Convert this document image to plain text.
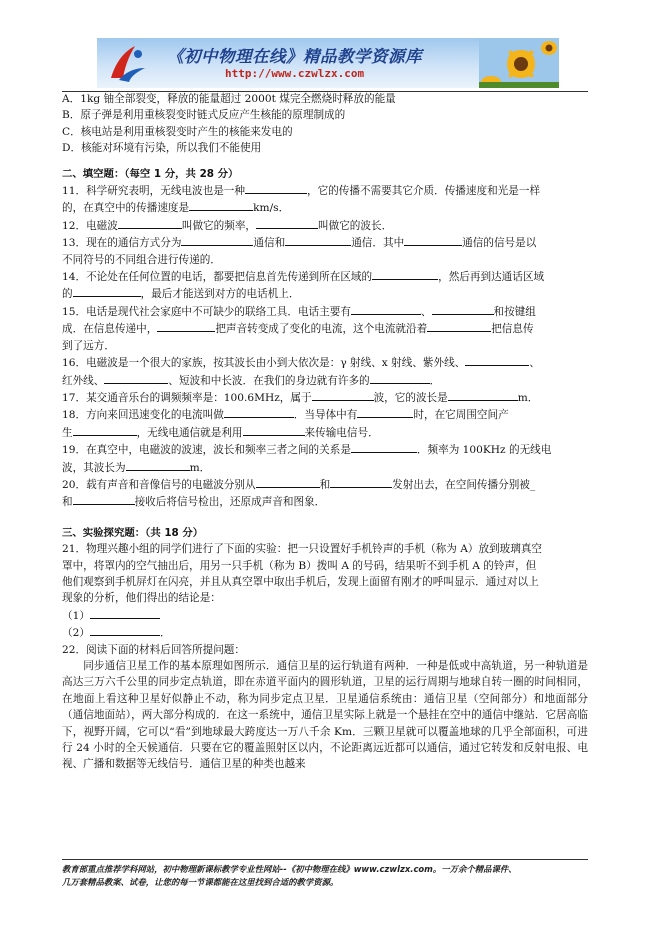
《初中物理在线》精品教学资源库
http://www.czwlzx.com

A．1kg 铀全部裂变，释放的能量超过 2000t 煤完全燃烧时释放的能量

B．原子弹是利用重核裂变时链式反应产生核能的原理制成的

C．核电站是利用重核裂变时产生的核能来发电的

D．核能对环境有污染，所以我们不能使用

二、填空题：（每空 1 分，共 28 分）

11．科学研究表明，无线电波也是一种	，它的传播不需要其它介质．传播速度和光是一样

的，在真空中的传播速度是	km/s．

12．电磁波	叫做它的频率，	叫做它的波长．

13．现在的通信方式分为	通信和	通信．其中	通信的信号是以

不同符号的不同组合进行传递的．

14．不论处在任何位置的电话，都要把信息首先传递到所在区域的	，然后再到达通话区域

的	，最后才能送到对方的电话机上．

15．电话是现代社会家庭中不可缺少的联络工具．电话主要有	、	和按键组

成．在信息传递中，	把声音转变成了变化的电流，这个电流就沿着	把信息传

到了远方．

16．电磁波是一个很大的家族，按其波长由小到大依次是：γ 射线、x 射线、紫外线、	、

红外线、	、短波和中长波．在我们的身边就有许多的	．

17．某交通音乐台的调频频率是：100.6MHz，属于	波，它的波长是	m．

18．方向来回迅速变化的电流叫做	．当导体中有	时，在它周围空间产

生	，无线电通信就是利用	来传输电信号．

19．在真空中，电磁波的波速，波长和频率三者之间的关系是	．频率为 100KHz 的无线电

波，其波长为	m．

20．载有声音和音像信号的电磁波分别从	和	发射出去，在空间传播分别被_

和	接收后将信号检出，还原成声音和图象．

三、实验探究题：（共 18 分）

21．物理兴趣小组的同学们进行了下面的实验：把一只设置好手机铃声的手机（称为 A）放到玻璃真空

罩中，将罩内的空气抽出后，用另一只手机（称为 B）拨叫 A 的号码，结果听不到手机 A 的铃声，但

他们观察到手机屏灯在闪亮，并且从真空罩中取出手机后，发现上面留有刚才的呼叫显示．通过对以上

现象的分析，他们得出的结论是：

（1）

（2）	．

22．阅读下面的材料后回答所提问题：

同步通信卫星工作的基本原理如图所示．通信卫星的运行轨道有两种．一种是低或中高轨道，另一种轨道是高达三万六千公里的同步定点轨道，即在赤道平面内的圆形轨道，卫星的运行周期与地球自转一圈的时间相同，在地面上看这种卫星好似静止不动，称为同步定点卫星．卫星通信系统由：通信卫星（空间部分）和地面部分（通信地面站），两大部分构成的．在这一系统中，通信卫星实际上就是一个悬挂在空中的通信中继站．它居高临下，视野开阔，它可以“看”到地球最大跨度达一万八千余 Km．三颗卫星就可以覆盖地球的几乎全部面积，可进行 24 小时的全天候通信．只要在它的覆盖照射区以内，不论距离远近都可以通信，通过它转发和反射电报、电视、广播和数据等无线信号．通信卫星的种类也越来

教育部重点推荐学科网站，初中物理新课标教学专业性网站--《初中物理在线》www.czwlzx.com。一万余个精品课件、

几万套精品教案、试卷，让您的每一节课都能在这里找到合适的教学资源。
